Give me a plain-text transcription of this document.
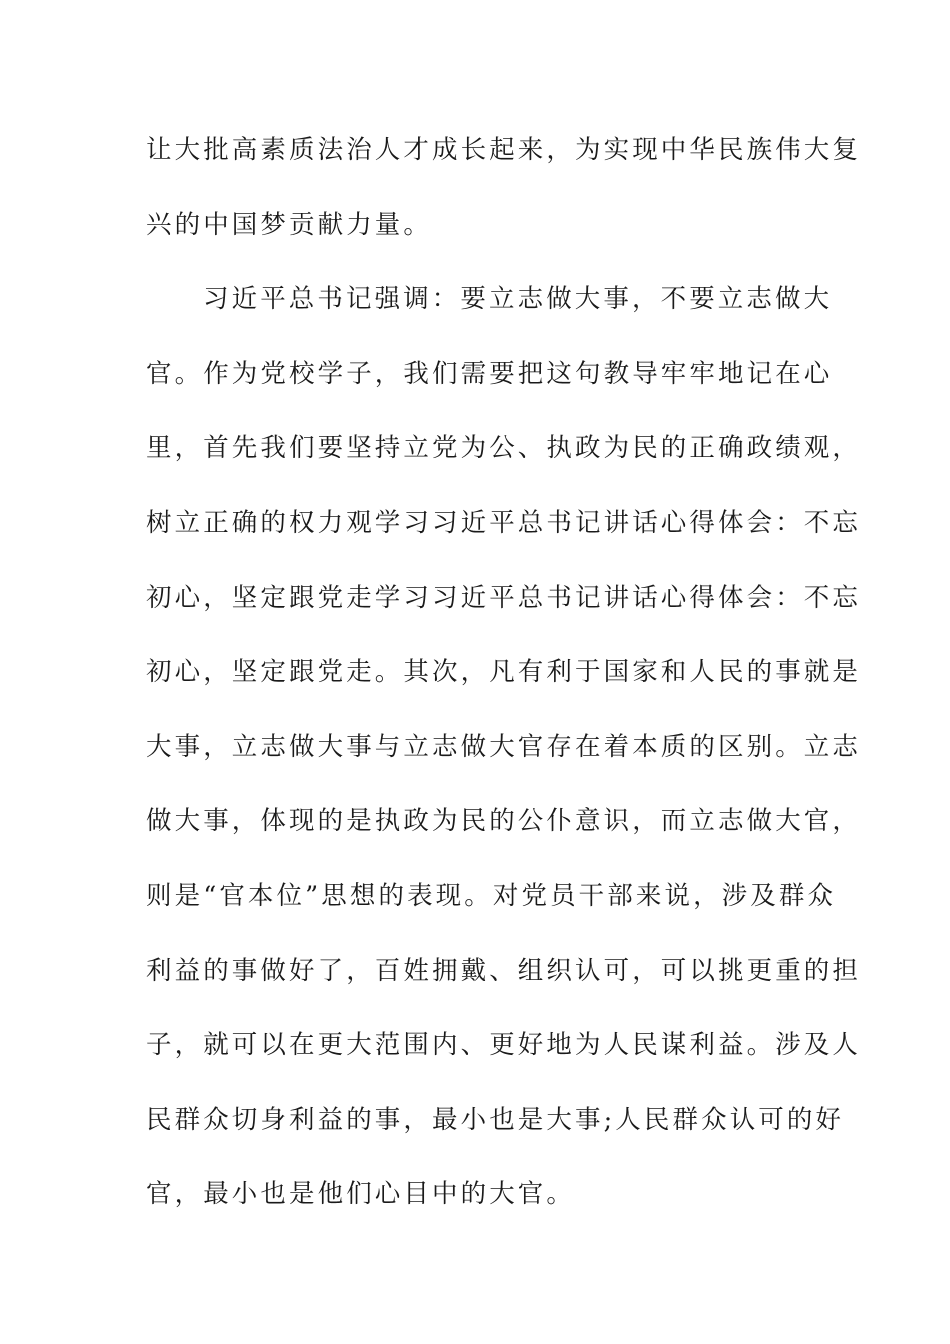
让大批高素质法治人才成长起来，为实现中华民族伟大复
兴的中国梦贡献力量。
习近平总书记强调：要立志做大事，不要立志做大
官。作为党校学子，我们需要把这句教导牢牢地记在心
里，首先我们要坚持立党为公、执政为民的正确政绩观，
树立正确的权力观学习习近平总书记讲话心得体会：不忘
初心，坚定跟党走学习习近平总书记讲话心得体会：不忘
初心，坚定跟党走。其次，凡有利于国家和人民的事就是
大事，立志做大事与立志做大官存在着本质的区别。立志
做大事，体现的是执政为民的公仆意识，而立志做大官，
则是“官本位”思想的表现。对党员干部来说，涉及群众
利益的事做好了，百姓拥戴、组织认可，可以挑更重的担
子，就可以在更大范围内、更好地为人民谋利益。涉及人
民群众切身利益的事，最小也是大事;人民群众认可的好
官，最小也是他们心目中的大官。
